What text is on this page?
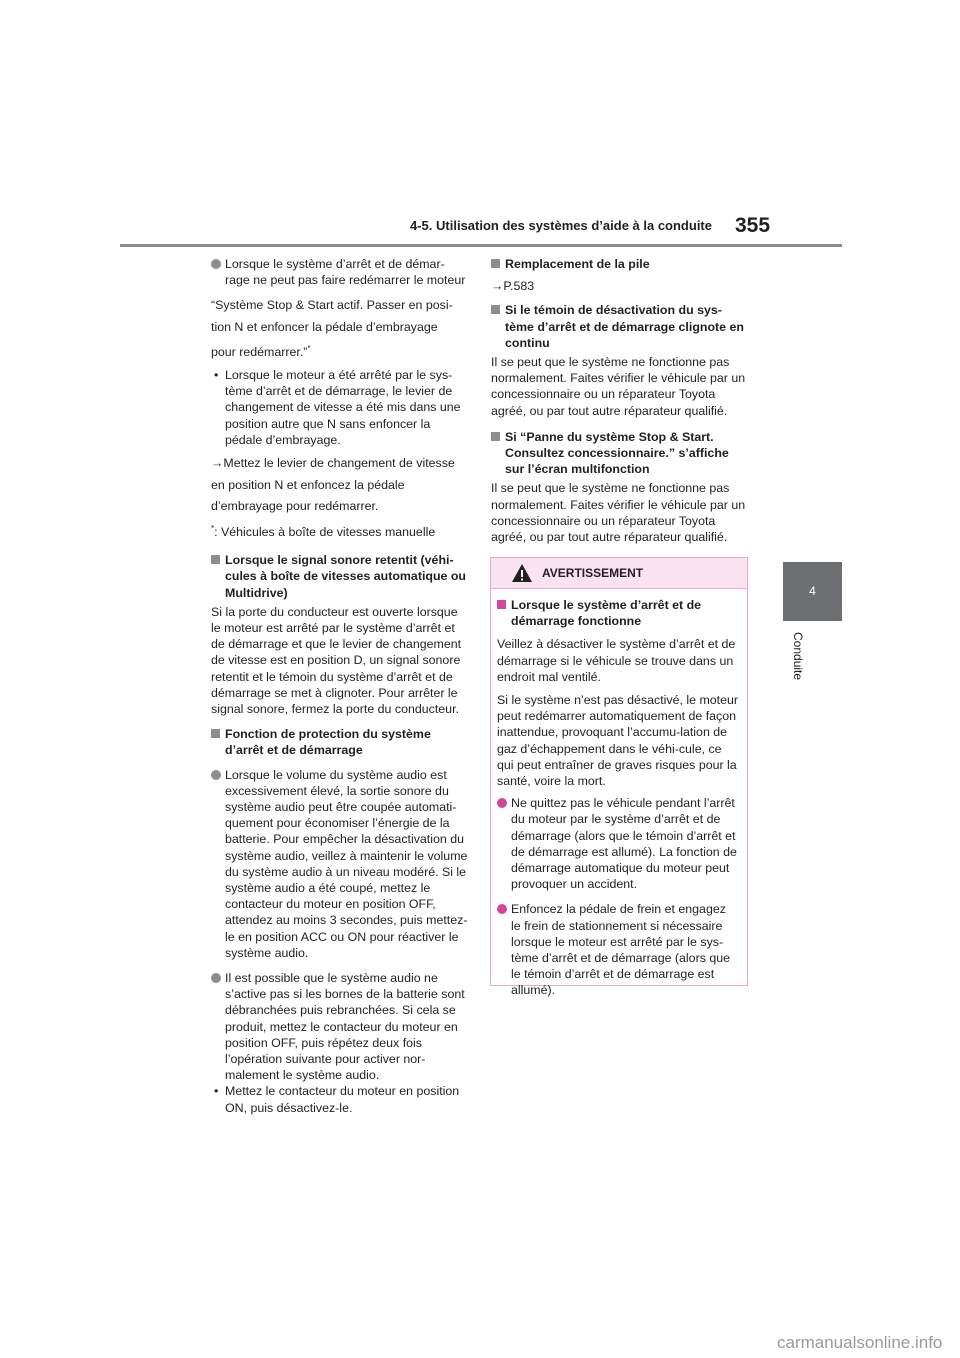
4-5. Utilisation des systèmes d’aide à la conduite 355
4
Conduite

Lorsque le système d’arrêt et de démar-rage ne peut pas faire redémarrer le moteur

“Système Stop & Start actif. Passer en posi-

tion N et enfoncer la pédale d’embrayage

pour redémarrer.”*

• Lorsque le moteur a été arrêté par le sys-tème d’arrêt et de démarrage, le levier de changement de vitesse a été mis dans une position autre que N sans enfoncer la pédale d’embrayage.

→Mettez le levier de changement de vitesse

en position N et enfoncez la pédale

d’embrayage pour redémarrer.

*: Véhicules à boîte de vitesses manuelle

Lorsque le signal sonore retentit (véhi-cules à boîte de vitesses automatique ou Multidrive)

Si la porte du conducteur est ouverte lorsque le moteur est arrêté par le système d’arrêt et de démarrage et que le levier de changement de vitesse est en position D, un signal sonore retentit et le témoin du système d’arrêt et de démarrage se met à clignoter. Pour arrêter le signal sonore, fermez la porte du conducteur.

Fonction de protection du système d’arrêt et de démarrage

Lorsque le volume du système audio est excessivement élevé, la sortie sonore du système audio peut être coupée automati-quement pour économiser l’énergie de la batterie. Pour empêcher la désactivation du système audio, veillez à maintenir le volume du système audio à un niveau modéré. Si le système audio a été coupé, mettez le contacteur du moteur en position OFF, attendez au moins 3 secondes, puis mettez-le en position ACC ou ON pour réactiver le système audio.

Il est possible que le système audio ne s’active pas si les bornes de la batterie sont débranchées puis rebranchées. Si cela se produit, mettez le contacteur du moteur en position OFF, puis répétez deux fois l’opération suivante pour activer nor-malement le système audio.

• Mettez le contacteur du moteur en position ON, puis désactivez-le.

Remplacement de la pile

→P.583

Si le témoin de désactivation du sys-tème d’arrêt et de démarrage clignote en continu

Il se peut que le système ne fonctionne pas normalement. Faites vérifier le véhicule par un concessionnaire ou un réparateur Toyota agréé, ou par tout autre réparateur qualifié.

Si “Panne du système Stop & Start. Consultez concessionnaire.” s’affiche sur l’écran multifonction

Il se peut que le système ne fonctionne pas normalement. Faites vérifier le véhicule par un concessionnaire ou un réparateur Toyota agréé, ou par tout autre réparateur qualifié.

AVERTISSEMENT

Lorsque le système d’arrêt et de démarrage fonctionne

Veillez à désactiver le système d’arrêt et de démarrage si le véhicule se trouve dans un endroit mal ventilé.

Si le système n’est pas désactivé, le moteur peut redémarrer automatiquement de façon inattendue, provoquant l’accumu-lation de gaz d’échappement dans le véhi-cule, ce qui peut entraîner de graves risques pour la santé, voire la mort.

Ne quittez pas le véhicule pendant l’arrêt du moteur par le système d’arrêt et de démarrage (alors que le témoin d’arrêt et de démarrage est allumé). La fonction de démarrage automatique du moteur peut provoquer un accident.

Enfoncez la pédale de frein et engagez le frein de stationnement si nécessaire lorsque le moteur est arrêté par le sys-tème d’arrêt et de démarrage (alors que le témoin d’arrêt et de démarrage est allumé).

carmanualsonline.info
